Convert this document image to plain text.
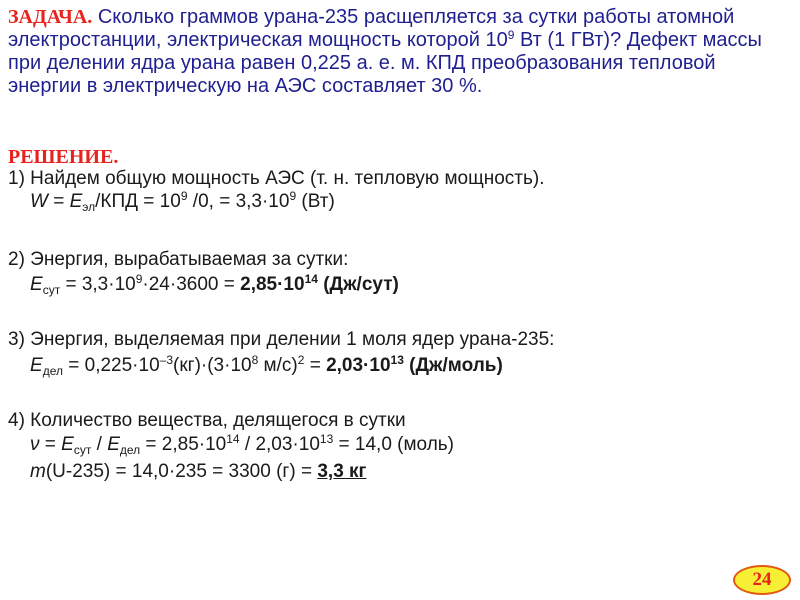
ЗАДАЧА. Сколько граммов урана-235 расщепляется за сутки работы атомной электростанции, электрическая мощность которой $10^9$ Вт (1 ГВт)? Дефект массы при делении ядра урана равен 0,225 а. е. м. КПД преобразования тепловой энергии в электрическую на АЭС составляет 30 %.
РЕШЕНИЕ.
1) Найдем общую мощность АЭС (т. н. тепловую мощность).
$W = E_{эл}$/КПД = $10^9$ /0, = $3,3\cdot 10^9$ (Вт)
2) Энергия, вырабатываемая за сутки:
$E_{сут} = 3,3\cdot 10^9\cdot 24\cdot 3600 = 2,85\cdot 10^{14}$ (Дж/сут)
3) Энергия, выделяемая при делении 1 моля ядер урана-235:
$E_{дел} = 0,225\cdot 10^{-3}(кг)\cdot(3\cdot 10^8$ $м/с)^2 = 2,03\cdot 10^{13}$ (Дж/моль)
4) Количество вещества, делящегося в сутки
$\nu = E_{сут} / E_{дел} = 2,85\cdot 10^{14} / 2,03\cdot 10^{13} = 14,0$ (моль)
m(U-235) = 14,0·235 = 3300 (г) = 3,3 кг
24
